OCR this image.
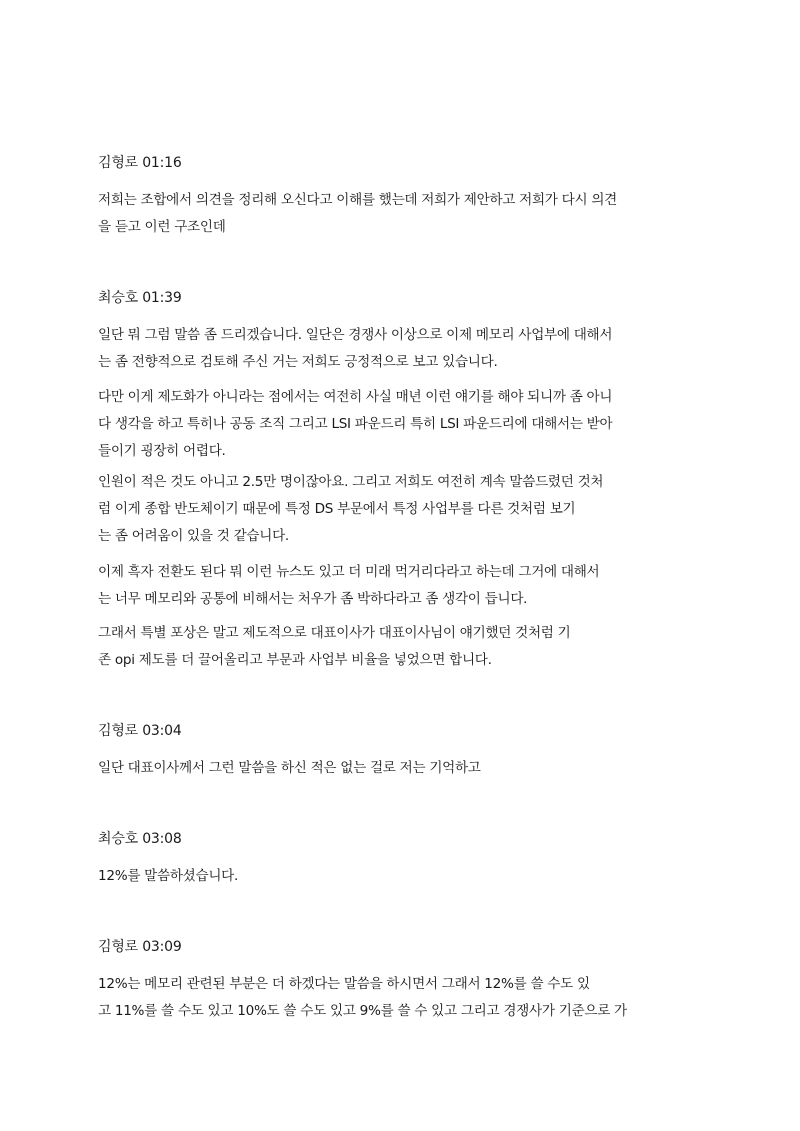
김형로 01:16
저희는 조합에서 의견을 정리해 오신다고 이해를 했는데 저희가 제안하고 저희가 다시 의견
을 듣고 이런 구조인데
최승호 01:39
일단 뭐 그럼 말씀 좀 드리겠습니다. 일단은 경쟁사 이상으로 이제 메모리 사업부에 대해서
는 좀 전향적으로 검토해 주신 거는 저희도 긍정적으로 보고 있습니다.
다만 이게 제도화가 아니라는 점에서는 여전히 사실 매년 이런 얘기를 해야 되니까 좀 아니
다 생각을 하고 특히나 공동 조직 그리고 LSI 파운드리 특히 LSI 파운드리에 대해서는 받아
들이기 굉장히 어렵다.
인원이 적은 것도 아니고 2.5만 명이잖아요. 그리고 저희도 여전히 계속 말씀드렸던 것처
럼 이게 종합 반도체이기 때문에 특정 DS 부문에서 특정 사업부를 다른 것처럼 보기
는 좀 어려움이 있을 것 같습니다.
이제 흑자 전환도 된다 뭐 이런 뉴스도 있고 더 미래 먹거리다라고 하는데 그거에 대해서
는 너무 메모리와 공통에 비해서는 처우가 좀 박하다라고 좀 생각이 듭니다.
그래서 특별 포상은 말고 제도적으로 대표이사가 대표이사님이 얘기했던 것처럼 기
존 opi 제도를 더 끌어올리고 부문과 사업부 비율을 넣었으면 합니다.
김형로 03:04
일단 대표이사께서 그런 말씀을 하신 적은 없는 걸로 저는 기억하고
최승호 03:08
12%를 말씀하셨습니다.
김형로 03:09
12%는 메모리 관련된 부분은 더 하겠다는 말씀을 하시면서 그래서 12%를 쓸 수도 있
고 11%를 쓸 수도 있고 10%도 쓸 수도 있고 9%를 쓸 수 있고 그리고 경쟁사가 기준으로 가
